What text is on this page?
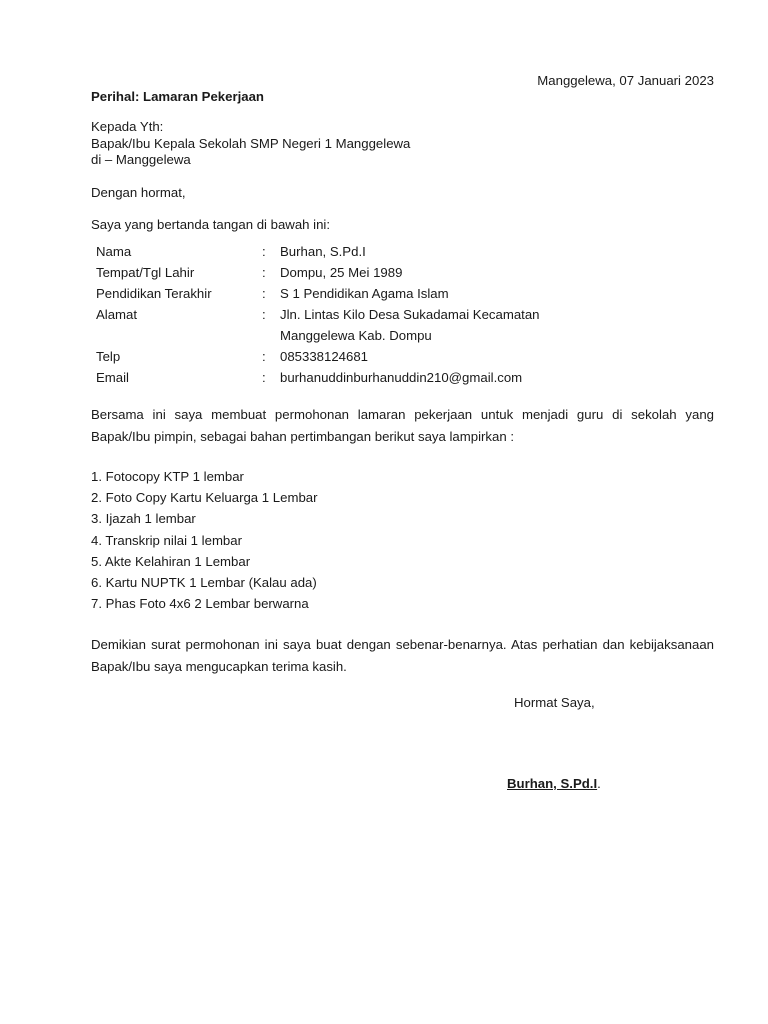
Manggelewa, 07 Januari 2023
Perihal: Lamaran Pekerjaan
Kepada Yth:
Bapak/Ibu Kepala Sekolah SMP Negeri 1 Manggelewa
di – Manggelewa
Dengan hormat,
Saya yang bertanda tangan di bawah ini:
Nama	:	Burhan, S.Pd.I
Tempat/Tgl Lahir	:	Dompu, 25 Mei 1989
Pendidikan Terakhir	:	S 1 Pendidikan Agama Islam
Alamat	:	Jln. Lintas Kilo Desa Sukadamai Kecamatan
Manggelewa Kab. Dompu
Telp	:	085338124681
Email	:	burhanuddinburhanuddin210@gmail.com
Bersama ini saya membuat permohonan lamaran pekerjaan untuk menjadi guru di sekolah yang Bapak/Ibu pimpin, sebagai bahan pertimbangan berikut saya lampirkan :
1. Fotocopy KTP 1 lembar
2. Foto Copy Kartu Keluarga 1 Lembar
3. Ijazah 1 lembar
4. Transkrip nilai 1 lembar
5. Akte Kelahiran 1 Lembar
6. Kartu NUPTK 1 Lembar (Kalau ada)
7. Phas Foto 4x6 2 Lembar berwarna
Demikian surat permohonan ini saya buat dengan sebenar-benarnya. Atas perhatian dan kebijaksanaan Bapak/Ibu saya mengucapkan terima kasih.
Hormat Saya,
Burhan, S.Pd.I.
